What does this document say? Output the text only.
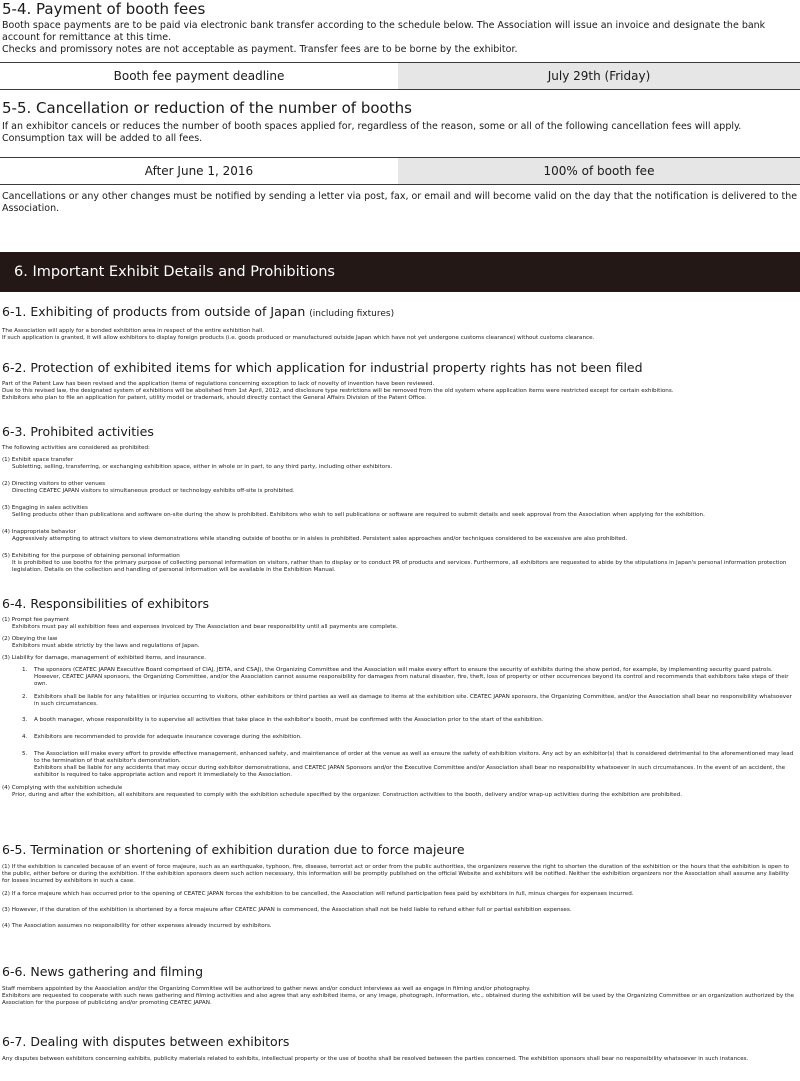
5-4. Payment of booth fees

Booth space payments are to be paid via electronic bank transfer according to the schedule below. The Association will issue an invoice and designate the bank account for remittance at this time.

Checks and promissory notes are not acceptable as payment. Transfer fees are to be borne by the exhibitor.

Booth fee payment deadline	July 29th (Friday)
5-5. Cancellation or reduction of the number of booths

If an exhibitor cancels or reduces the number of booth spaces applied for, regardless of the reason, some or all of the following cancellation fees will apply.

Consumption tax will be added to all fees.

After June 1, 2016	100% of booth fee

Cancellations or any other changes must be notified by sending a letter via post, fax, or email and will become valid on the day that the notification is delivered to the Association.

6. Important Exhibit Details and Prohibitions
6-1. Exhibiting of products from outside of Japan (including fixtures)

The Association will apply for a bonded exhibition area in respect of the entire exhibition hall.

If such application is granted, it will allow exhibitors to display foreign products (i.e. goods produced or manufactured outside Japan which have not yet undergone customs clearance) without customs clearance.

6-2. Protection of exhibited items for which application for industrial property rights has not been filed

Part of the Patent Law has been revised and the application items of regulations concerning exception to lack of novelty of invention have been reviewed.

Due to this revised law, the designated system of exhibitions will be abolished from 1st April, 2012, and disclosure type restrictions will be removed from the old system where application items were restricted except for certain exhibitions.

Exhibitors who plan to file an application for patent, utility model or trademark, should directly contact the General Affairs Division of the Patent Office.

6-3. Prohibited activities

The following activities are considered as prohibited:

(1) Exhibit space transfer

Subletting, selling, transferring, or exchanging exhibition space, either in whole or in part, to any third party, including other exhibitors.

(2) Directing visitors to other venues

Directing CEATEC JAPAN visitors to simultaneous product or technology exhibits off-site is prohibited.

(3) Engaging in sales activities

Selling products other than publications and software on-site during the show is prohibited. Exhibitors who wish to sell publications or software are required to submit details and seek approval from the Association when applying for the exhibition.

(4) Inappropriate behavior

Aggressively attempting to attract visitors to view demonstrations while standing outside of booths or in aisles is prohibited. Persistent sales approaches and/or techniques considered to be excessive are also prohibited.

(5) Exhibiting for the purpose of obtaining personal information

It is prohibited to use booths for the primary purpose of collecting personal information on visitors, rather than to display or to conduct PR of products and services. Furthermore, all exhibitors are requested to abide by the stipulations in Japan's personal information protection legislation. Details on the collection and handling of personal information will be available in the Exhibition Manual.

6-4. Responsibilities of exhibitors

(1) Prompt fee payment

Exhibitors must pay all exhibition fees and expenses invoiced by The Association and bear responsibility until all payments are complete.

(2) Obeying the law

Exhibitors must abide strictly by the laws and regulations of Japan.

(3) Liability for damage, management of exhibited items, and insurance.

1.	The sponsors (CEATEC JAPAN Executive Board comprised of CIAJ, JEITA, and CSAJ), the Organizing Committee and the Association will make every effort to ensure the security of exhibits during the show period, for example, by implementing security guard patrols.

However, CEATEC JAPAN sponsors, the Organizing Committee, and/or the Association cannot assume responsibility for damages from natural disaster, fire, theft, loss of property or other occurrences beyond its control and recommends that exhibitors take steps of their own.

2.	Exhibitors shall be liable for any fatalities or injuries occurring to visitors, other exhibitors or third parties as well as damage to items at the exhibition site. CEATEC JAPAN sponsors, the Organizing Committee, and/or the Association shall bear no responsibility whatsoever in such circumstances.

3.	A booth manager, whose responsibility is to supervise all activities that take place in the exhibitor's booth, must be confirmed with the Association prior to the start of the exhibition.

4.	Exhibitors are recommended to provide for adequate insurance coverage during the exhibition.

5.	The Association will make every effort to provide effective management, enhanced safety, and maintenance of order at the venue as well as ensure the safety of exhibition visitors. Any act by an exhibitor(s) that is considered detrimental to the aforementioned may lead to the termination of that exhibitor's demonstration.

Exhibitors shall be liable for any accidents that may occur during exhibitor demonstrations, and CEATEC JAPAN Sponsors and/or the Executive Committee and/or Association shall bear no responsibility whatsoever in such circumstances. In the event of an accident, the exhibitor is required to take appropriate action and report it immediately to the Association.

(4) Complying with the exhibition schedule

Prior, during and after the exhibition, all exhibitors are requested to comply with the exhibition schedule specified by the organizer. Construction activities to the booth, delivery and/or wrap-up activities during the exhibition are prohibited.

6-5. Termination or shortening of exhibition duration due to force majeure

(1) If the exhibition is canceled because of an event of force majeure, such as an earthquake, typhoon, fire, disease, terrorist act or order from the public authorities, the organizers reserve the right to shorten the duration of the exhibition or the hours that the exhibition is open to the public, either before or during the exhibition. If the exhibition sponsors deem such action necessary, this information will be promptly published on the official Website and exhibitors will be notified. Neither the exhibition organizers nor the Association shall assume any liability for losses incurred by exhibitors in such a case.

(2) If a force majeure which has occurred prior to the opening of CEATEC JAPAN forces the exhibition to be cancelled, the Association will refund participation fees paid by exhibitors in full, minus charges for expenses incurred.

(3) However, if the duration of the exhibition is shortened by a force majeure after CEATEC JAPAN is commenced, the Association shall not be held liable to refund either full or partial exhibition expenses.

(4) The Association assumes no responsibility for other expenses already incurred by exhibitors.

6-6. News gathering and filming

Staff members appointed by the Association and/or the Organizing Committee will be authorized to gather news and/or conduct interviews as well as engage in filming and/or photography.

Exhibitors are requested to cooperate with such news gathering and filming activities and also agree that any exhibited items, or any image, photograph, information, etc., obtained during the exhibition will be used by the Organizing Committee or an organization authorized by the Association for the purpose of publicizing and/or promoting CEATEC JAPAN.

6-7. Dealing with disputes between exhibitors

Any disputes between exhibitors concerning exhibits, publicity materials related to exhibits, intellectual property or the use of booths shall be resolved between the parties concerned. The exhibition sponsors shall bear no responsibility whatsoever in such instances.
